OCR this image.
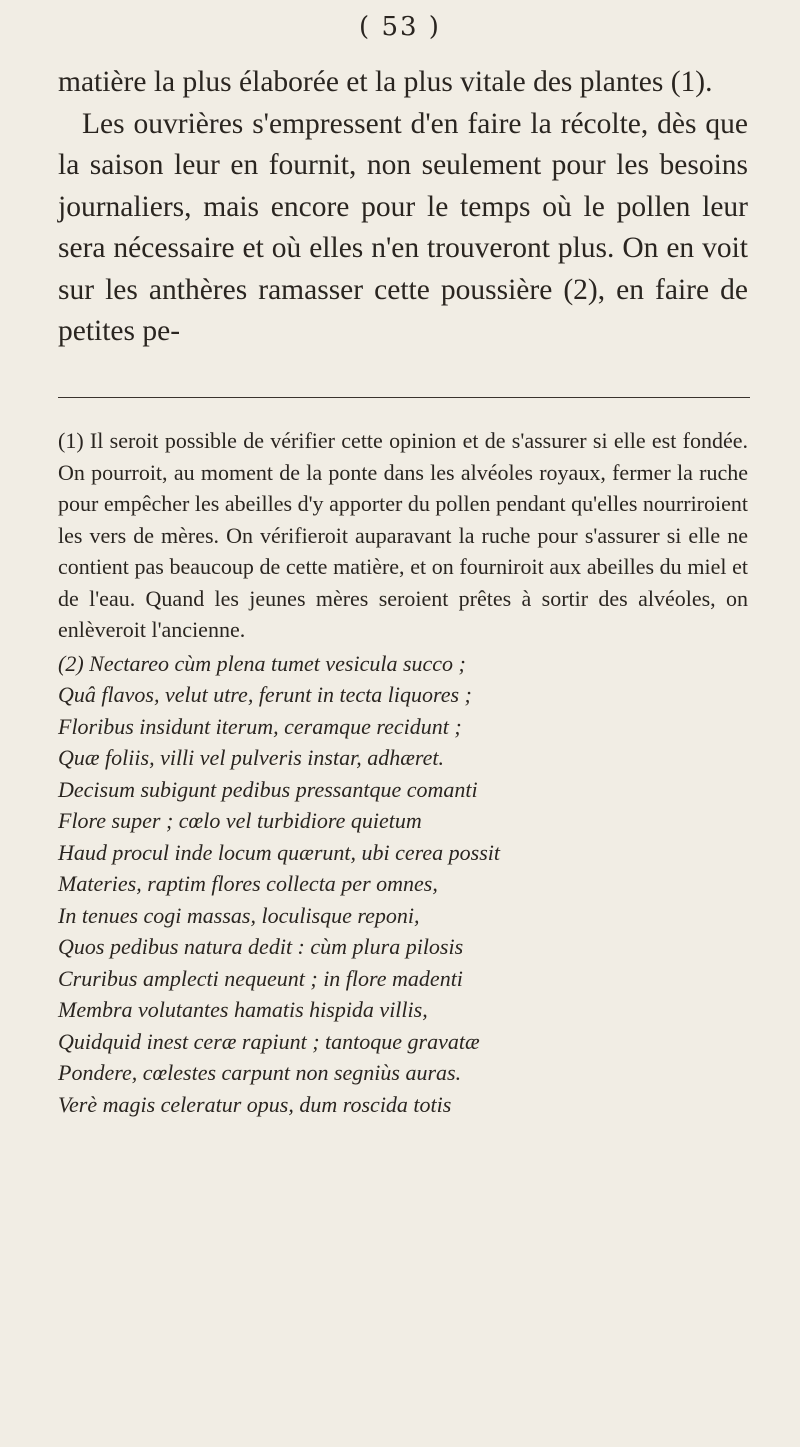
( 53 )

matière la plus élaborée et la plus vitale des plantes (1).

Les ouvrières s'empressent d'en faire la récolte, dès que la saison leur en fournit, non seulement pour les besoins journaliers, mais encore pour le temps où le pollen leur sera nécessaire et où elles n'en trouveront plus. On en voit sur les anthères ramasser cette poussière (2), en faire de petites pe-

(1) Il seroit possible de vérifier cette opinion et de s'assurer si elle est fondée. On pourroit, au moment de la ponte dans les alvéoles royaux, fermer la ruche pour empêcher les abeilles d'y apporter du pollen pendant qu'elles nourriroient les vers de mères. On vérifieroit auparavant la ruche pour s'assurer si elle ne contient pas beaucoup de cette matière, et on fourniroit aux abeilles du miel et de l'eau. Quand les jeunes mères seroient prêtes à sortir des alvéoles, on enlèveroit l'ancienne.

(2) Nectareo cùm plena tumet vesicula succo ;
Quâ flavos, velut utre, ferunt in tecta liquores ;
Floribus insidunt iterum, ceramque recidunt ;
Quæ foliis, villi vel pulveris instar, adhæret.
Decisum subigunt pedibus pressantque comanti
Flore super ; cœlo vel turbidiore quietum
Haud procul inde locum quærunt, ubi cerea possit
Materies, raptim flores collecta per omnes,
In tenues cogi massas, loculisque reponi,
Quos pedibus natura dedit : cùm plura pilosis
Cruribus amplecti nequeunt ; in flore madenti
Membra volutantes hamatis hispida villis,
Quidquid inest ceræ rapiunt ; tantoque gravatæ
Pondere, cœlestes carpunt non segniùs auras.
Verè magis celeratur opus, dum roscida totis
